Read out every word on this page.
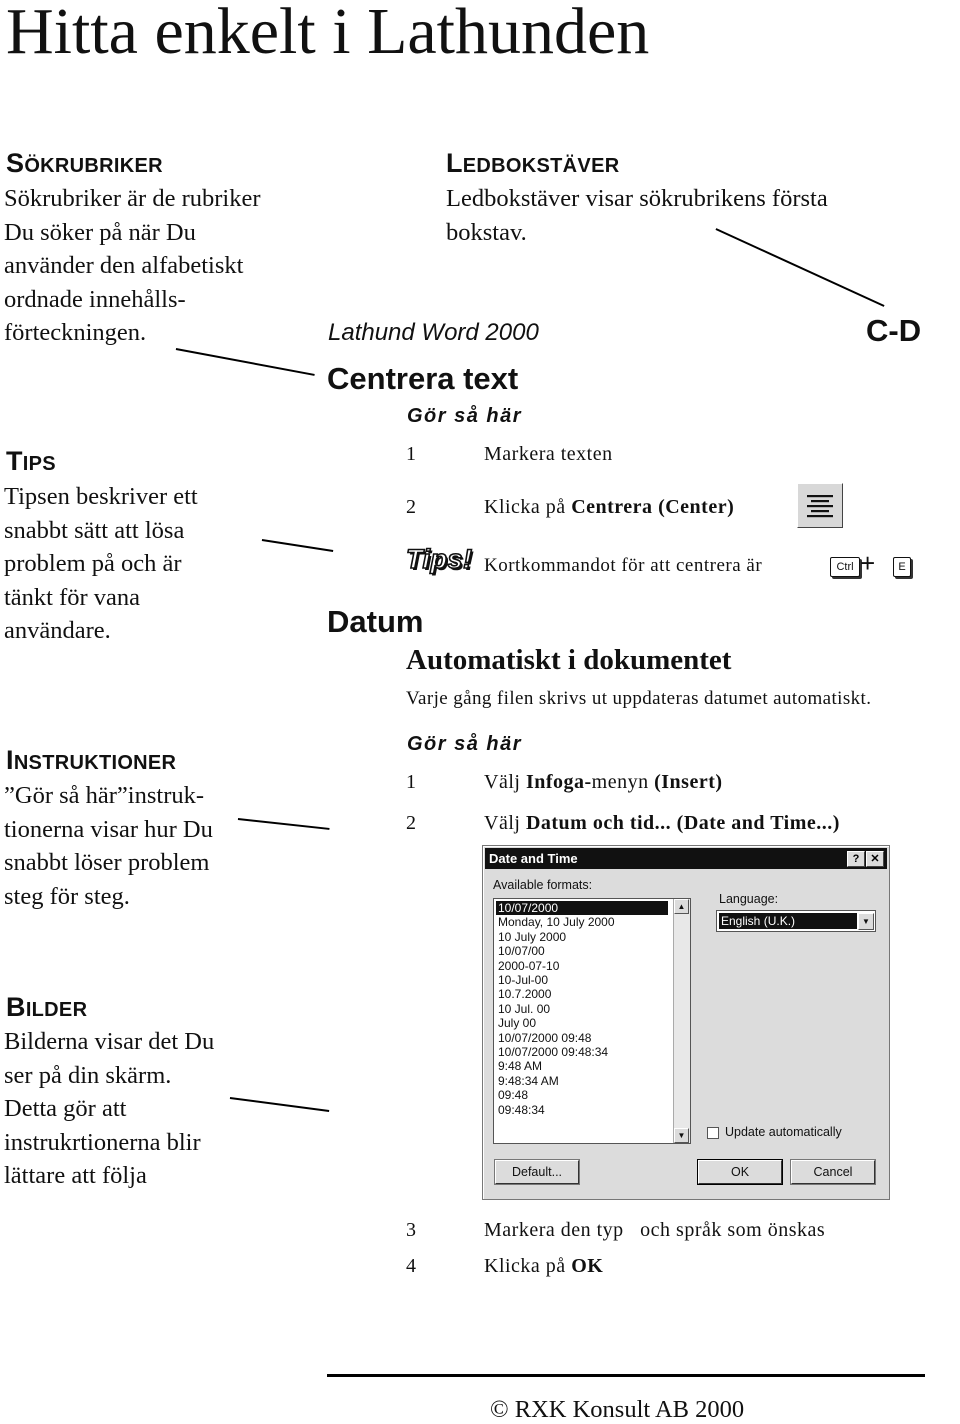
Hitta enkelt i Lathunden
SÖKRUBRIKER
Sökrubriker är de rubriker
Du söker på när Du
använder den alfabetiskt
ordnade innehålls-
förteckningen.
TIPS
Tipsen beskriver ett
snabbt sätt att lösa
problem på och är
tänkt för vana
användare.
INSTRUKTIONER
”Gör så här”instruk-
tionerna visar hur Du
snabbt löser problem
steg för steg.
BILDER
Bilderna visar det Du
ser på din skärm.
Detta gör att
instrukrtionerna blir
lättare att följa
LEDBOKSTÄVER
Ledbokstäver visar sökrubrikens första
bokstav.
Lathund Word 2000	C-D
Centrera text
Gör så här
1	Markera texten
2	Klicka på Centrera (Center)
Tips! Kortkommandot för att centrera är	Ctrl +	E
Datum
Automatiskt i dokumentet
Varje gång filen skrivs ut uppdateras datumet automatiskt.
Gör så här
1	Välj Infoga-menyn (Insert)
2	Välj Datum och tid... (Date and Time...)
Date and Time	?	✕
Available formats:
10/07/2000
Monday, 10 July 2000
10 July 2000
10/07/00
2000-07-10
10-Jul-00
10.7.2000
10 Jul. 00
July 00
10/07/2000 09:48
10/07/2000 09:48:34
9:48 AM
9:48:34 AM
09:48
09:48:34
▲
▼
Language:
English (U.K.)	▼
Update automatically
Default...	OK	Cancel
3	Markera den typ   och språk som önskas
4	Klicka på OK
© RXK Konsult AB 2000
